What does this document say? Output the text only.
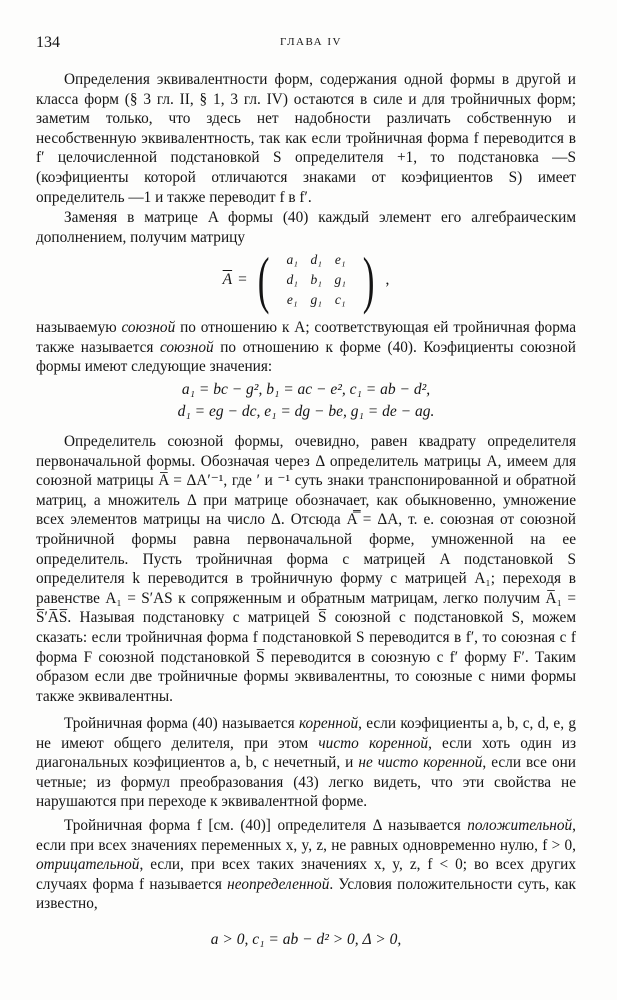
134	ГЛАВА IV

Определения эквивалентности форм, содержания одной формы в другой и класса форм (§ 3 гл. II, § 1, 3 гл. IV) остаются в силе и для тройничных форм; заметим только, что здесь нет надобности различать собственную и несобственную эквивалентность, так как если тройничная форма f переводится в f′ целочисленной подстановкой S определителя +1, то подстановка —S (коэфициенты которой отличаются знаками от коэфициентов S) имеет определитель —1 и также переводит f в f′.

Заменяя в матрице A формы (40) каждый элемент его алгебраическим дополнением, получим матрицу

$\overline{A}$ = (	a₁ d₁ e₁
d₁ b₁ g₁
e₁ g₁ c₁ ) ,

называемую союзной по отношению к A; соответствующая ей тройничная форма также называется союзной по отношению к форме (40). Коэфициенты союзной формы имеют следующие значения:

a₁ = bc − g², b₁ = ac − e², c₁ = ab − d²,
d₁ = eg − dc, e₁ = dg − be, g₁ = de − ag.

Определитель союзной формы, очевидно, равен квадрату определителя первоначальной формы. Обозначая через Δ определитель матрицы A, имеем для союзной матрицы A̅ = ΔA′⁻¹, где ′ и ⁻¹ суть знаки транспонированной и обратной матриц, а множитель Δ при матрице обозначает, как обыкновенно, умножение всех элементов матрицы на число Δ. Отсюда A̿ = ΔA, т. е. союзная от союзной тройничной формы равна первоначальной форме, умноженной на ее определитель. Пусть тройничная форма с матрицей A подстановкой S определителя k переводится в тройничную форму с матрицей A₁; переходя в равенстве A₁ = S′AS к сопряженным и обратным матрицам, легко получим A̅₁ = S̅′A̅S̅. Называя подстановку с матрицей S̅ союзной с подстановкой S, можем сказать: если тройничная форма f подстановкой S переводится в f′, то союзная с f форма F союзной подстановкой S̅ переводится в союзную с f′ форму F′. Таким образом если две тройничные формы эквивалентны, то союзные с ними формы также эквивалентны.

Тройничная форма (40) называется коренной, если коэфициенты a, b, c, d, e, g не имеют общего делителя, при этом чисто коренной, если хоть один из диагональных коэфициентов a, b, c нечетный, и не чисто коренной, если все они четные; из формул преобразования (43) легко видеть, что эти свойства не нарушаются при переходе к эквивалентной форме.

Тройничная форма f [см. (40)] определителя Δ называется положительной, если при всех значениях переменных x, y, z, не равных одновременно нулю, f > 0, отрицательной, если, при всех таких значениях x, y, z, f < 0; во всех других случаях форма f называется неопределенной. Условия положительности суть, как известно,

a > 0, c₁ = ab − d² > 0, Δ > 0,
